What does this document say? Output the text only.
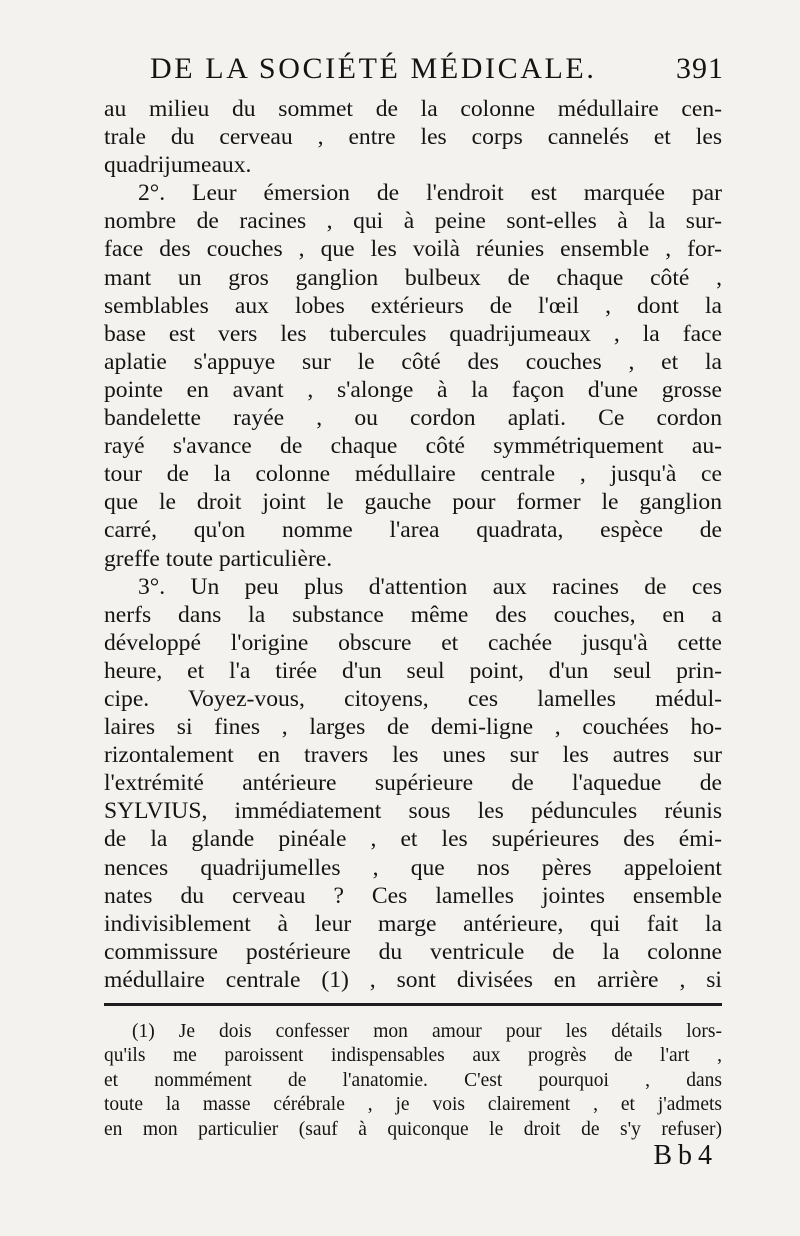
DE LA SOCIÉTÉ MÉDICALE.	391
au milieu du sommet de la colonne médullaire cen-
trale du cerveau , entre les corps cannelés et les
quadrijumeaux.
2°. Leur émersion de l'endroit est marquée par
nombre de racines , qui à peine sont-elles à la sur-
face des couches , que les voilà réunies ensemble , for-
mant un gros ganglion bulbeux de chaque côté ,
semblables aux lobes extérieurs de l'œil , dont la
base est vers les tubercules quadrijumeaux , la face
aplatie s'appuye sur le côté des couches , et la
pointe en avant , s'alonge à la façon d'une grosse
bandelette rayée , ou cordon aplati. Ce cordon
rayé s'avance de chaque côté symmétriquement au-
tour de la colonne médullaire centrale , jusqu'à ce
que le droit joint le gauche pour former le ganglion
carré, qu'on nomme l'area quadrata, espèce de
greffe toute particulière.
3°. Un peu plus d'attention aux racines de ces
nerfs dans la substance même des couches, en a
développé l'origine obscure et cachée jusqu'à cette
heure, et l'a tirée d'un seul point, d'un seul prin-
cipe. Voyez-vous, citoyens, ces lamelles médul-
laires si fines , larges de demi-ligne , couchées ho-
rizontalement en travers les unes sur les autres sur
l'extrémité antérieure supérieure de l'aquedue de
SYLVIUS, immédiatement sous les péduncules réunis
de la glande pinéale , et les supérieures des émi-
nences quadrijumelles , que nos pères appeloient
nates du cerveau ? Ces lamelles jointes ensemble
indivisiblement à leur marge antérieure, qui fait la
commissure postérieure du ventricule de la colonne
médullaire centrale (1) , sont divisées en arrière , si
(1) Je dois confesser mon amour pour les détails lors-
qu'ils me paroissent indispensables aux progrès de l'art ,
et nommément de l'anatomie. C'est pourquoi , dans
toute la masse cérébrale , je vois clairement , et j'admets
en mon particulier (sauf à quiconque le droit de s'y refuser)
Bb4
